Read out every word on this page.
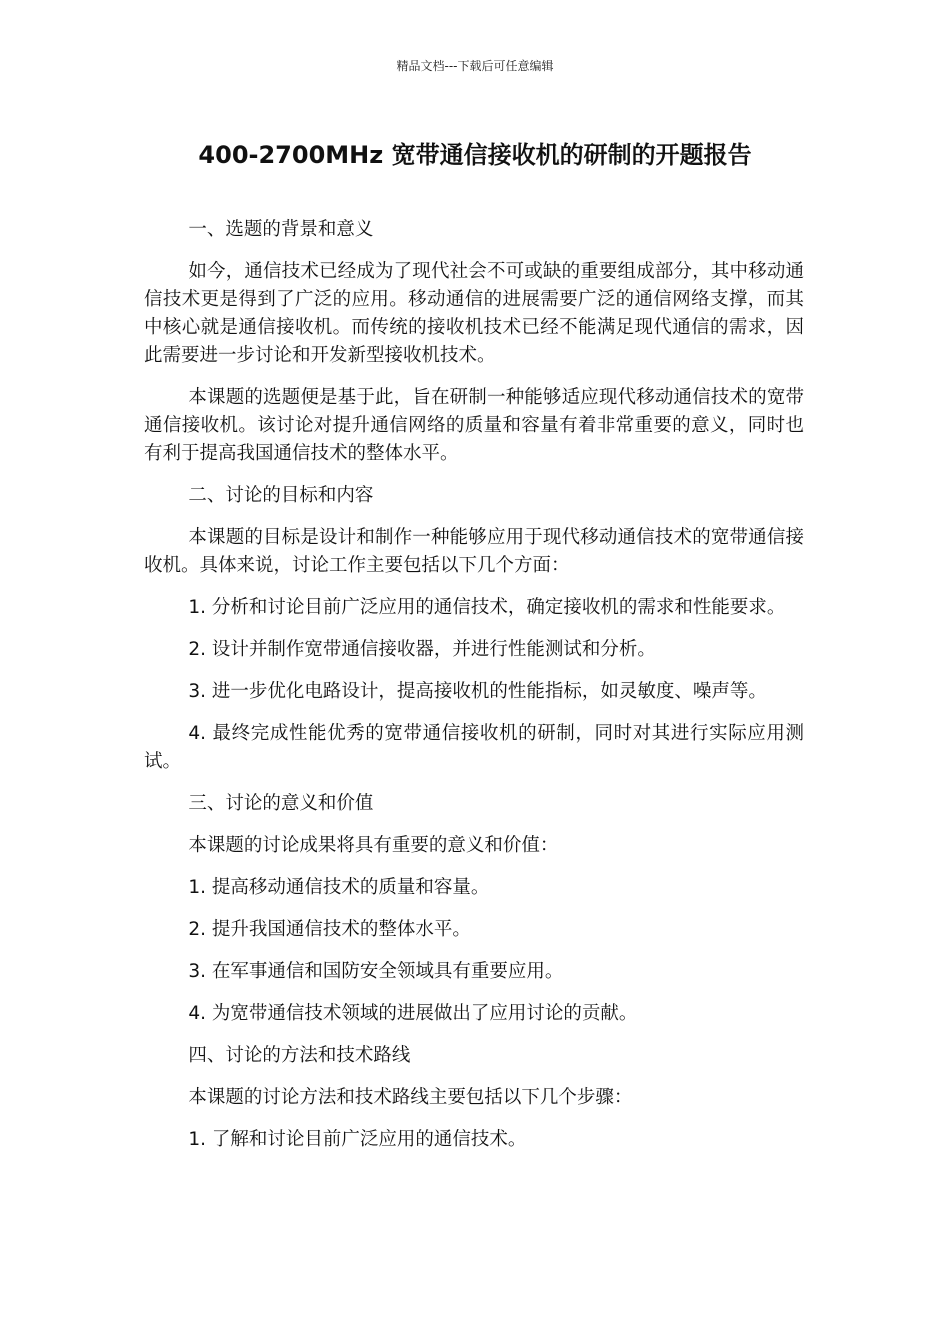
精品文档---下载后可任意编辑
400-2700MHz 宽带通信接收机的研制的开题报告

一、选题的背景和意义

如今，通信技术已经成为了现代社会不可或缺的重要组成部分，其中移动通信技术更是得到了广泛的应用。移动通信的进展需要广泛的通信网络支撑，而其中核心就是通信接收机。而传统的接收机技术已经不能满足现代通信的需求，因此需要进一步讨论和开发新型接收机技术。

本课题的选题便是基于此，旨在研制一种能够适应现代移动通信技术的宽带通信接收机。该讨论对提升通信网络的质量和容量有着非常重要的意义，同时也有利于提高我国通信技术的整体水平。

二、讨论的目标和内容

本课题的目标是设计和制作一种能够应用于现代移动通信技术的宽带通信接收机。具体来说，讨论工作主要包括以下几个方面：

1. 分析和讨论目前广泛应用的通信技术，确定接收机的需求和性能要求。

2. 设计并制作宽带通信接收器，并进行性能测试和分析。

3. 进一步优化电路设计，提高接收机的性能指标，如灵敏度、噪声等。

4. 最终完成性能优秀的宽带通信接收机的研制，同时对其进行实际应用测试。

三、讨论的意义和价值

本课题的讨论成果将具有重要的意义和价值：

1. 提高移动通信技术的质量和容量。

2. 提升我国通信技术的整体水平。

3. 在军事通信和国防安全领域具有重要应用。

4. 为宽带通信技术领域的进展做出了应用讨论的贡献。

四、讨论的方法和技术路线

本课题的讨论方法和技术路线主要包括以下几个步骤：

1. 了解和讨论目前广泛应用的通信技术。
